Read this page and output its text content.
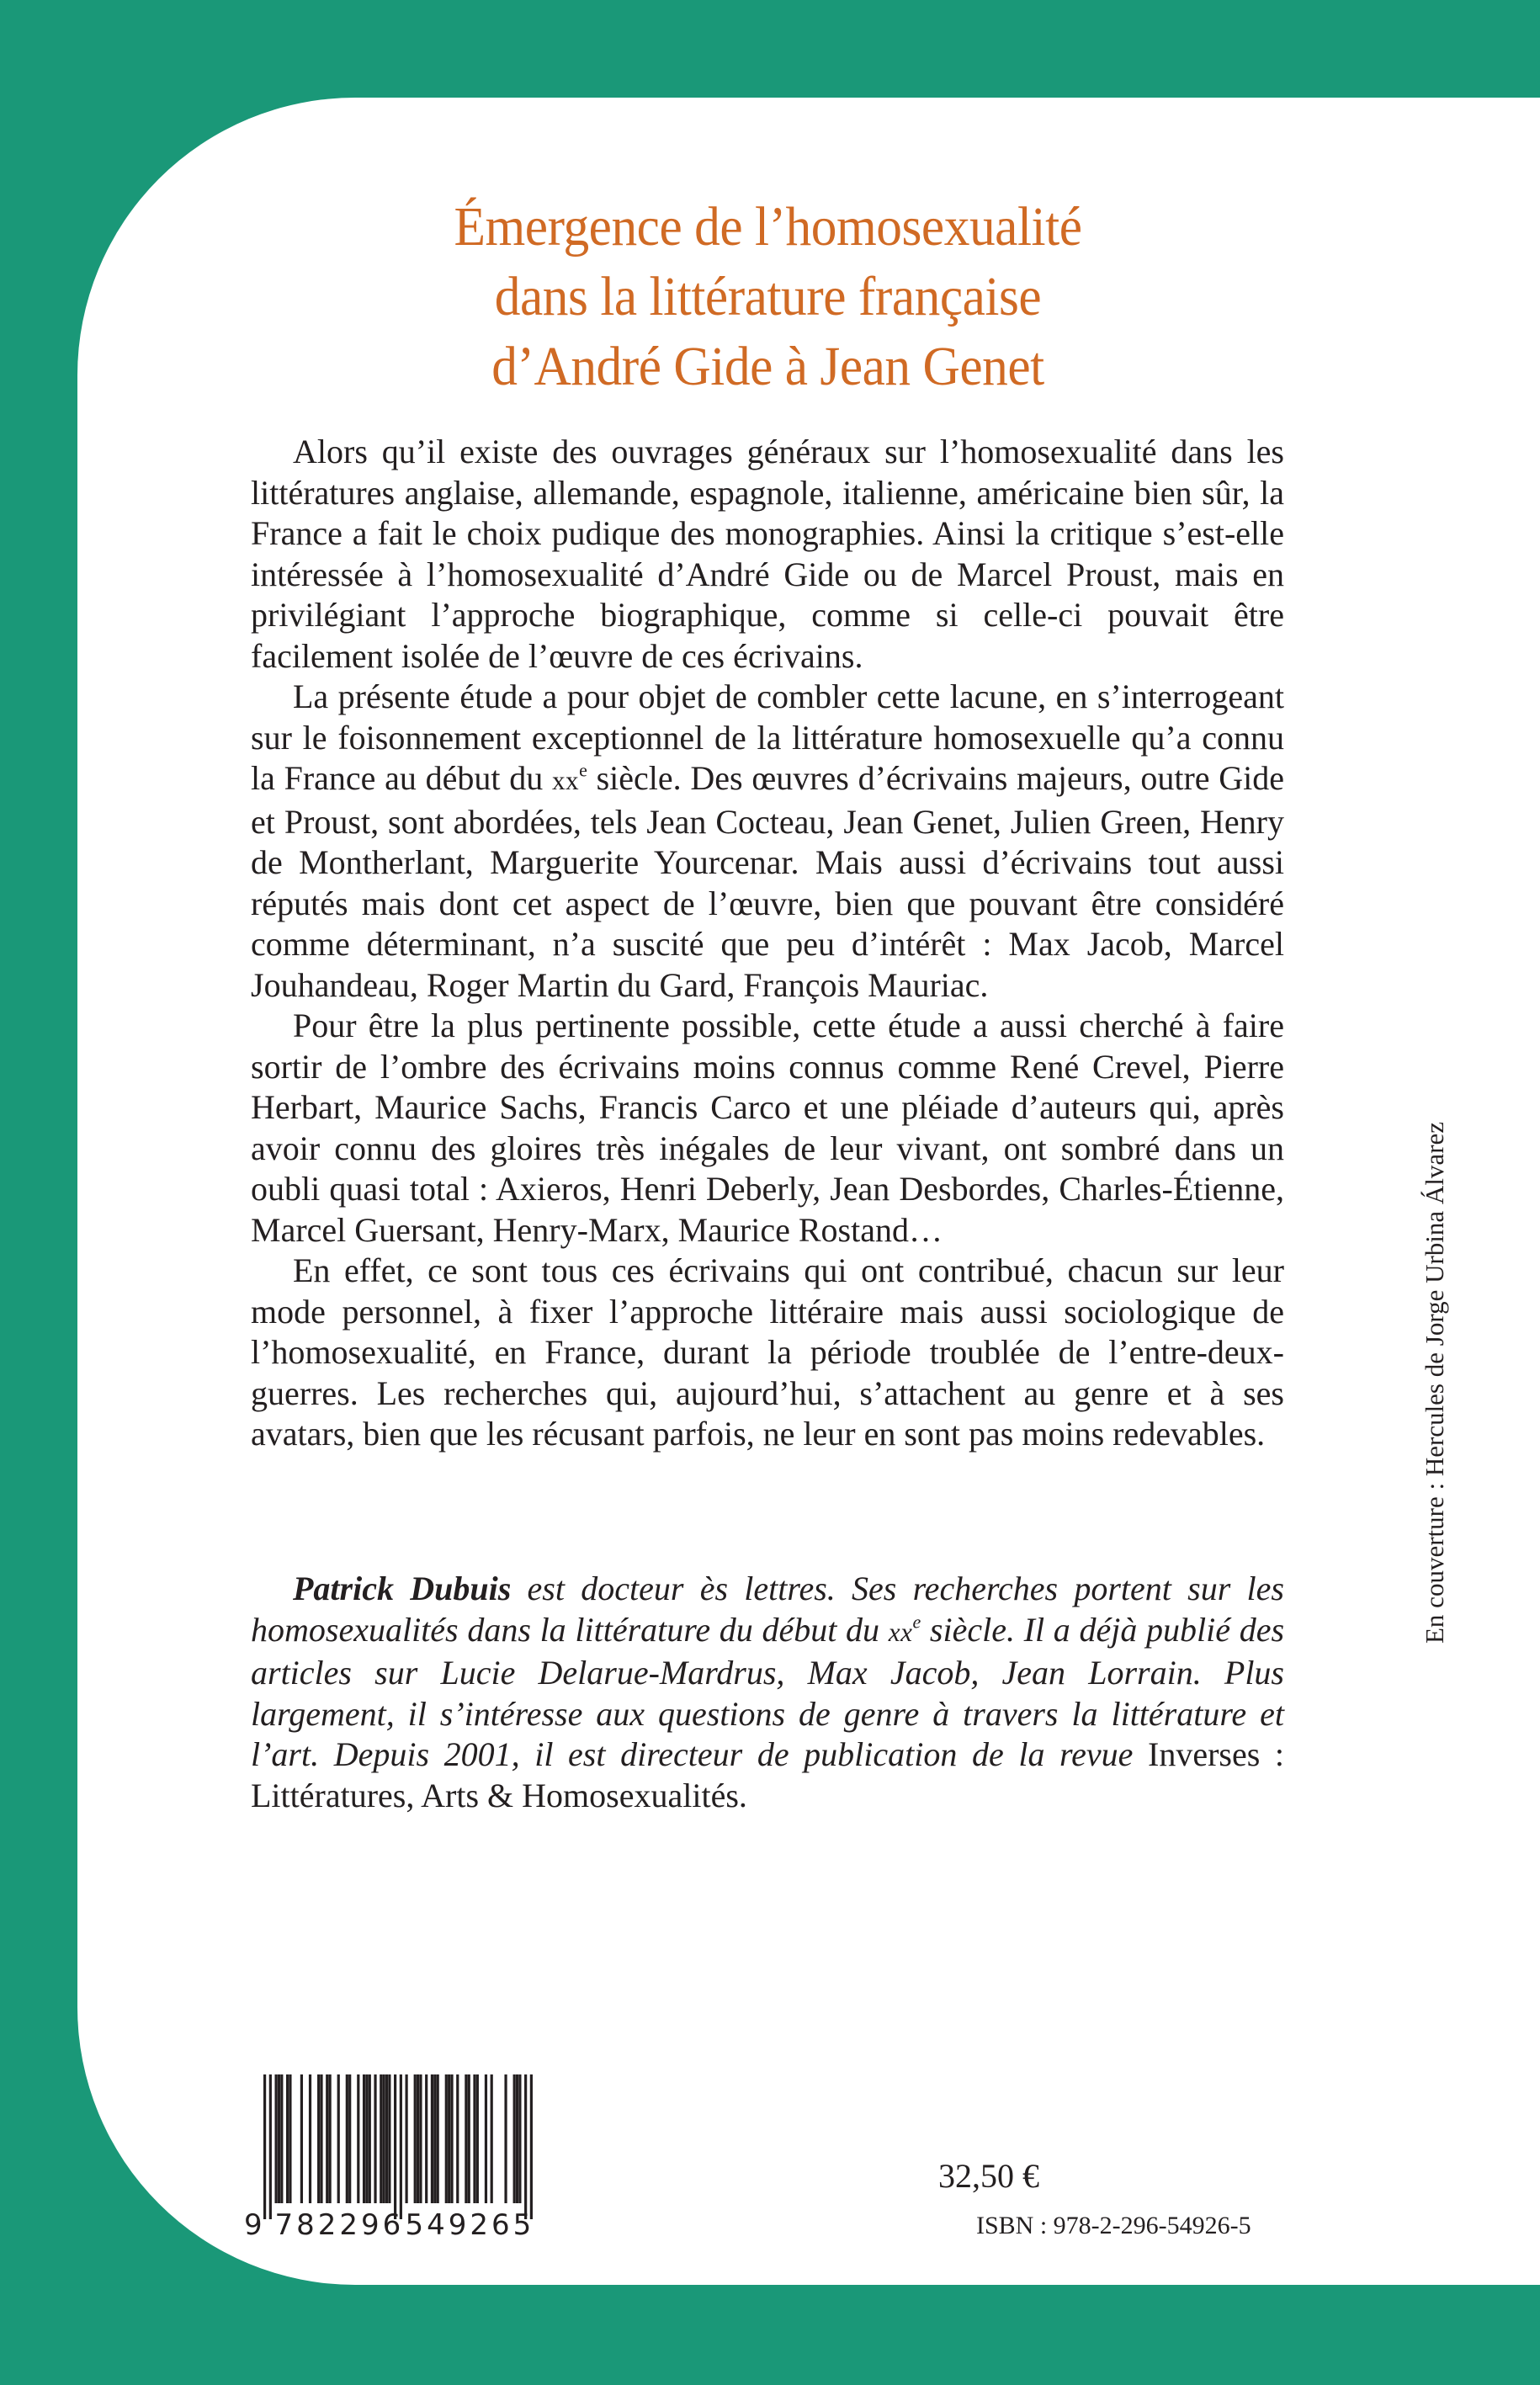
Émergence de l’homosexualité
dans la littérature française
d’André Gide à Jean Genet

Alors qu’il existe des ouvrages généraux sur l’homosexualité dans les littératures anglaise, allemande, espagnole, italienne, américaine bien sûr, la France a fait le choix pudique des monographies. Ainsi la critique s’est-elle intéressée à l’homosexualité d’André Gide ou de Marcel Proust, mais en privilégiant l’approche biographique, comme si celle-ci pouvait être facilement isolée de l’œuvre de ces écrivains.

La présente étude a pour objet de combler cette lacune, en s’interrogeant sur le foisonnement exceptionnel de la littérature homosexuelle qu’a connu la France au début du $xx^e$ siècle. Des œuvres d’écrivains majeurs, outre Gide et Proust, sont abordées, tels Jean Cocteau, Jean Genet, Julien Green, Henry de Montherlant, Marguerite Yourcenar. Mais aussi d’écrivains tout aussi réputés mais dont cet aspect de l’œuvre, bien que pouvant être considéré comme déterminant, n’a suscité que peu d’intérêt : Max Jacob, Marcel Jouhandeau, Roger Martin du Gard, François Mauriac.

Pour être la plus pertinente possible, cette étude a aussi cherché à faire sortir de l’ombre des écrivains moins connus comme René Crevel, Pierre Herbart, Maurice Sachs, Francis Carco et une pléiade d’auteurs qui, après avoir connu des gloires très inégales de leur vivant, ont sombré dans un oubli quasi total : Axieros, Henri Deberly, Jean Desbordes, Charles-Étienne, Marcel Guersant, Henry-Marx, Maurice Rostand…

En effet, ce sont tous ces écrivains qui ont contribué, chacun sur leur mode personnel, à fixer l’approche littéraire mais aussi sociologique de l’homosexualité, en France, durant la période troublée de l’entre-deux-guerres. Les recherches qui, aujourd’hui, s’attachent au genre et à ses avatars, bien que les récusant parfois, ne leur en sont pas moins redevables.

Patrick Dubuis est docteur ès lettres. Ses recherches portent sur les homosexualités dans la littérature du début du $xx^e$ siècle. Il a déjà publié des articles sur Lucie Delarue-Mardrus, Max Jacob, Jean Lorrain. Plus largement, il s’intéresse aux questions de genre à travers la littérature et l’art. Depuis 2001, il est directeur de publication de la revue Inverses : Littératures, Arts & Homosexualités.

En couverture : Hercules de Jorge Urbina Álvarez
9 782296 549265
32,50 €
ISBN : 978-2-296-54926-5
